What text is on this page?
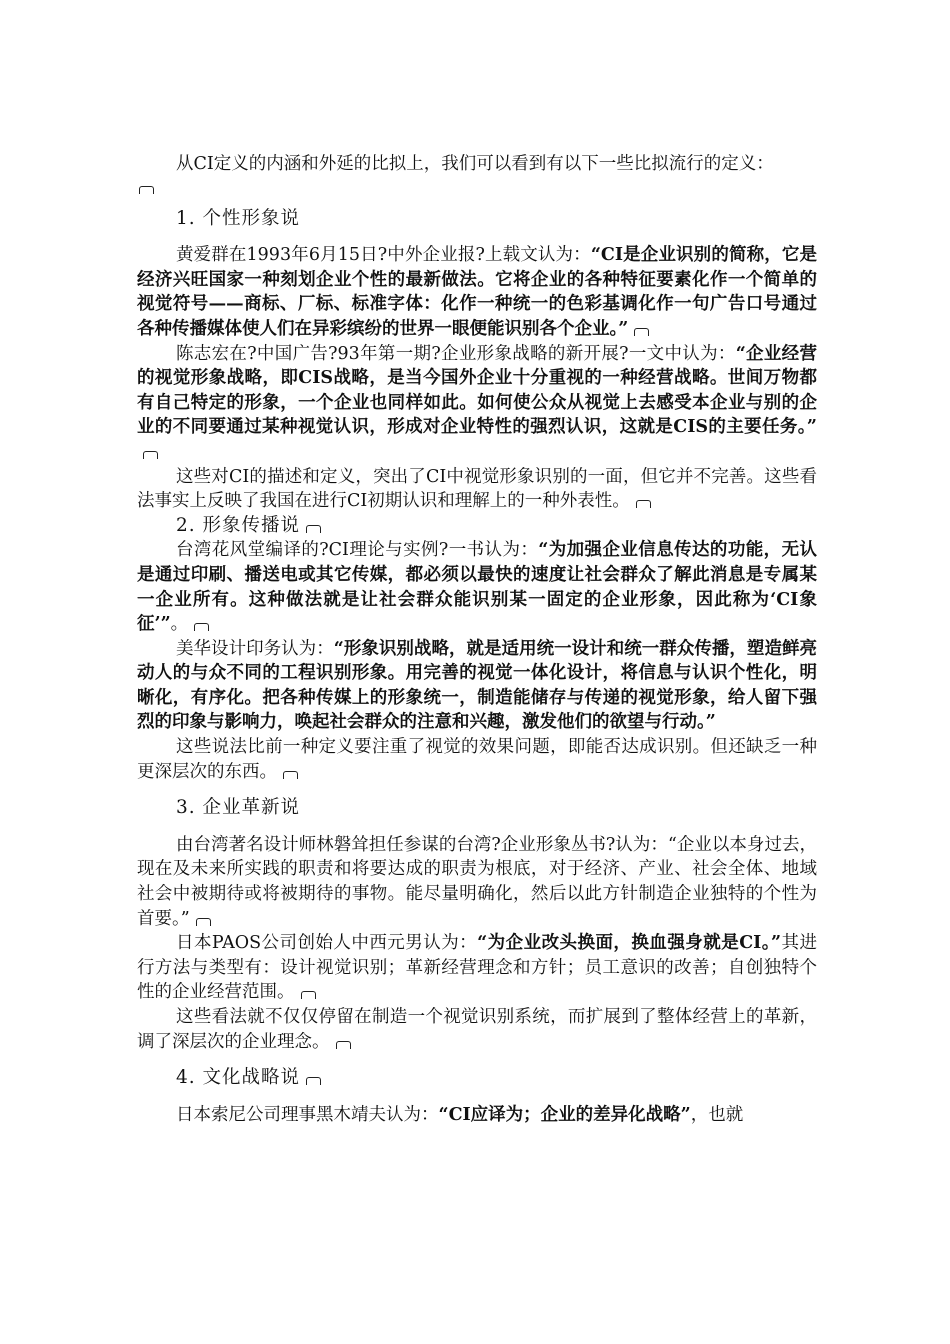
从CI定义的内涵和外延的比拟上，我们可以看到有以下一些比拟流行的定义：

1. 个性形象说

黄爱群在1993年6月15日?中外企业报?上载文认为：“CI是企业识别的简称，它是经济兴旺国家一种刻划企业个性的最新做法。它将企业的各种特征要素化作一个简单的视觉符号——商标、厂标、标准字体：化作一种统一的色彩基调化作一句广告口号通过各种传播媒体使人们在异彩缤纷的世界一眼便能识别各个企业。”

陈志宏在?中国广告?93年第一期?企业形象战略的新开展?一文中认为：“企业经营的视觉形象战略，即CIS战略，是当今国外企业十分重视的一种经营战略。世间万物都有自己特定的形象，一个企业也同样如此。如何使公众从视觉上去感受本企业与别的企业的不同要通过某种视觉认识，形成对企业特性的强烈认识，这就是CIS的主要任务。”

这些对CI的描述和定义，突出了CI中视觉形象识别的一面，但它并不完善。这些看法事实上反映了我国在进行CI初期认识和理解上的一种外表性。

2. 形象传播说

台湾花风堂编译的?CI理论与实例?一书认为：“为加强企业信息传达的功能，无认是通过印刷、播送电或其它传媒，都必须以最快的速度让社会群众了解此消息是专属某一企业所有。这种做法就是让社会群众能识别某一固定的企业形象，因此称为‘CI象征’”。

美华设计印务认为：“形象识别战略，就是适用统一设计和统一群众传播，塑造鲜亮动人的与众不同的工程识别形象。用完善的视觉一体化设计，将信息与认识个性化，明晰化，有序化。把各种传媒上的形象统一，制造能储存与传递的视觉形象，给人留下强烈的印象与影响力，唤起社会群众的注意和兴趣，激发他们的欲望与行动。”

这些说法比前一种定义要注重了视觉的效果问题，即能否达成识别。但还缺乏一种更深层次的东西。

3. 企业革新说

由台湾著名设计师林磐耸担任参谋的台湾?企业形象丛书?认为：“企业以本身过去，现在及未来所实践的职责和将要达成的职责为根底，对于经济、产业、社会全体、地域社会中被期待或将被期待的事物。能尽量明确化，然后以此方针制造企业独特的个性为首要。”

日本PAOS公司创始人中西元男认为：“为企业改头换面，换血强身就是CI。”其进行方法与类型有：设计视觉识别；革新经营理念和方针；员工意识的改善；自创独特个性的企业经营范围。

这些看法就不仅仅停留在制造一个视觉识别系统，而扩展到了整体经营上的革新，调了深层次的企业理念。

4. 文化战略说

日本索尼公司理事黑木靖夫认为：“CI应译为；企业的差异化战略”，也就
